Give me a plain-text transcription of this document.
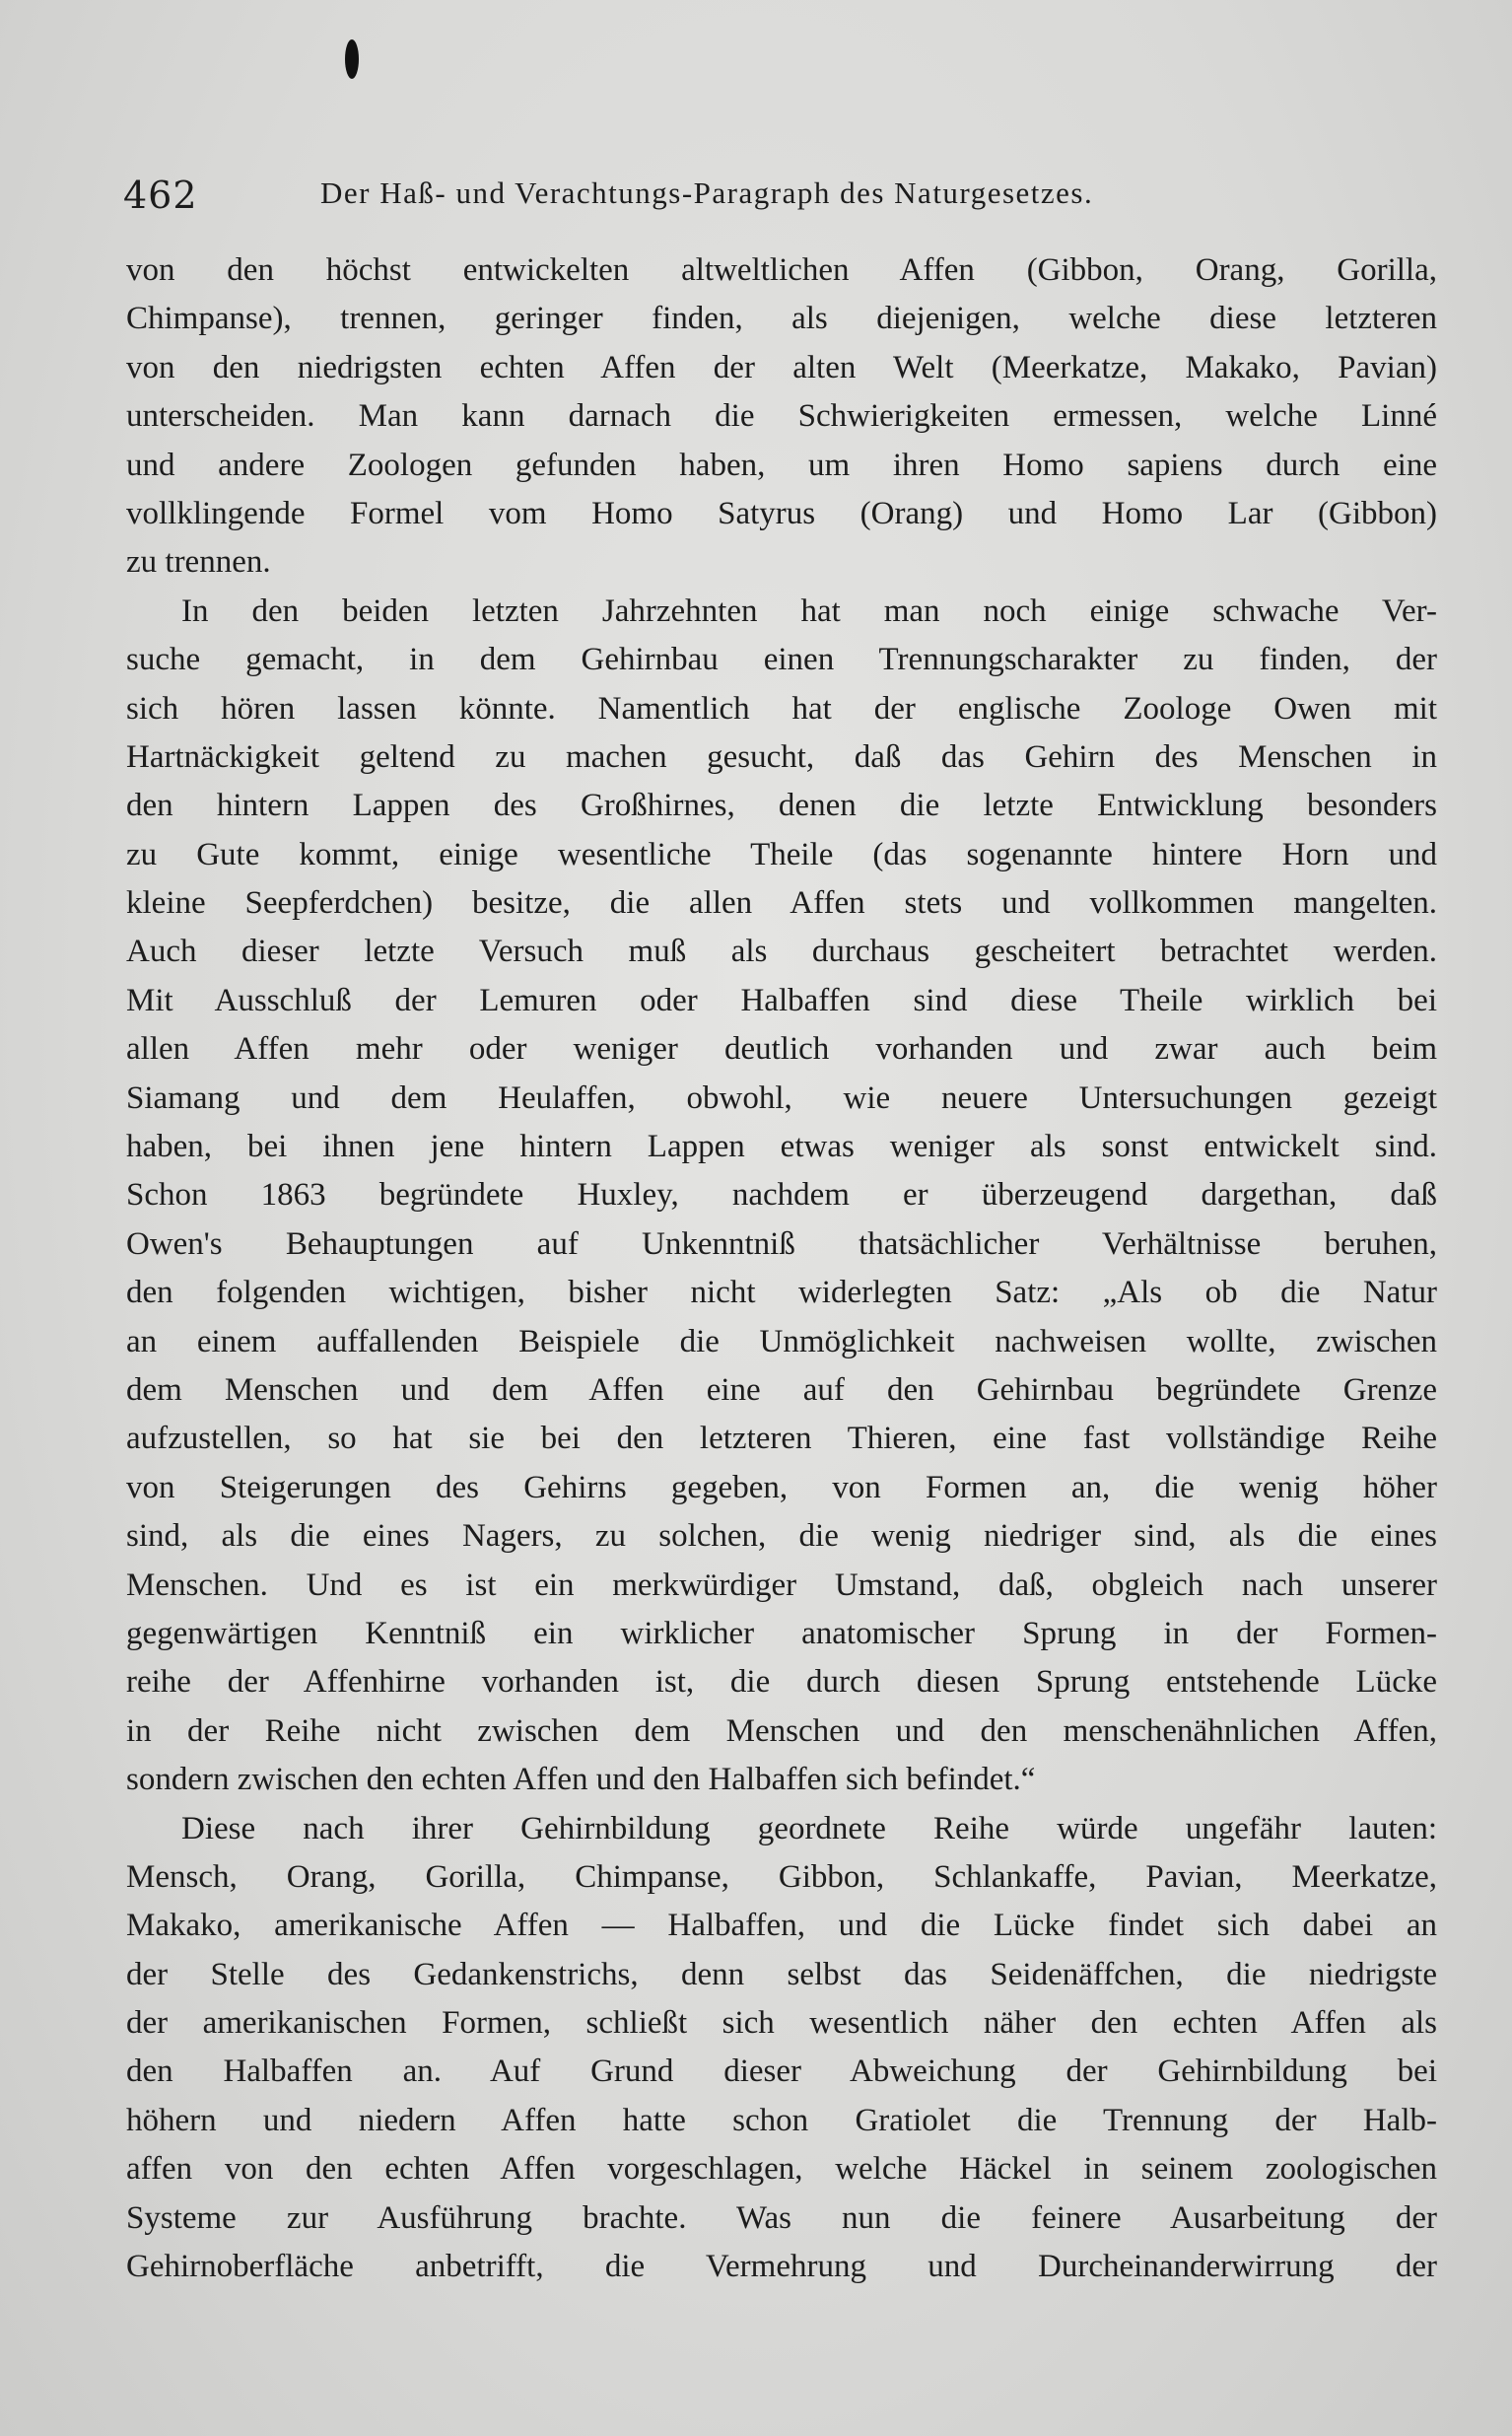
462	Der Haß- und Verachtungs-Paragraph des Naturgesetzes.
von den höchst entwickelten altweltlichen Affen (Gibbon, Orang, Gorilla,
Chimpanse), trennen, geringer finden, als diejenigen, welche diese letzteren
von den niedrigsten echten Affen der alten Welt (Meerkatze, Makako, Pavian)
unterscheiden. Man kann darnach die Schwierigkeiten ermessen, welche Linné
und andere Zoologen gefunden haben, um ihren Homo sapiens durch eine
vollklingende Formel vom Homo Satyrus (Orang) und Homo Lar (Gibbon)
zu trennen.
In den beiden letzten Jahrzehnten hat man noch einige schwache Ver-
suche gemacht, in dem Gehirnbau einen Trennungscharakter zu finden, der
sich hören lassen könnte. Namentlich hat der englische Zoologe Owen mit
Hartnäckigkeit geltend zu machen gesucht, daß das Gehirn des Menschen in
den hintern Lappen des Großhirnes, denen die letzte Entwicklung besonders
zu Gute kommt, einige wesentliche Theile (das sogenannte hintere Horn und
kleine Seepferdchen) besitze, die allen Affen stets und vollkommen mangelten.
Auch dieser letzte Versuch muß als durchaus gescheitert betrachtet werden.
Mit Ausschluß der Lemuren oder Halbaffen sind diese Theile wirklich bei
allen Affen mehr oder weniger deutlich vorhanden und zwar auch beim
Siamang und dem Heulaffen, obwohl, wie neuere Untersuchungen gezeigt
haben, bei ihnen jene hintern Lappen etwas weniger als sonst entwickelt sind.
Schon 1863 begründete Huxley, nachdem er überzeugend dargethan, daß
Owen's Behauptungen auf Unkenntniß thatsächlicher Verhältnisse beruhen,
den folgenden wichtigen, bisher nicht widerlegten Satz: „Als ob die Natur
an einem auffallenden Beispiele die Unmöglichkeit nachweisen wollte, zwischen
dem Menschen und dem Affen eine auf den Gehirnbau begründete Grenze
aufzustellen, so hat sie bei den letzteren Thieren, eine fast vollständige Reihe
von Steigerungen des Gehirns gegeben, von Formen an, die wenig höher
sind, als die eines Nagers, zu solchen, die wenig niedriger sind, als die eines
Menschen. Und es ist ein merkwürdiger Umstand, daß, obgleich nach unserer
gegenwärtigen Kenntniß ein wirklicher anatomischer Sprung in der Formen-
reihe der Affenhirne vorhanden ist, die durch diesen Sprung entstehende Lücke
in der Reihe nicht zwischen dem Menschen und den menschenähnlichen Affen,
sondern zwischen den echten Affen und den Halbaffen sich befindet.“
Diese nach ihrer Gehirnbildung geordnete Reihe würde ungefähr lauten:
Mensch, Orang, Gorilla, Chimpanse, Gibbon, Schlankaffe, Pavian, Meerkatze,
Makako, amerikanische Affen — Halbaffen, und die Lücke findet sich dabei an
der Stelle des Gedankenstrichs, denn selbst das Seidenäffchen, die niedrigste
der amerikanischen Formen, schließt sich wesentlich näher den echten Affen als
den Halbaffen an. Auf Grund dieser Abweichung der Gehirnbildung bei
höhern und niedern Affen hatte schon Gratiolet die Trennung der Halb-
affen von den echten Affen vorgeschlagen, welche Häckel in seinem zoologischen
Systeme zur Ausführung brachte. Was nun die feinere Ausarbeitung der
Gehirnoberfläche anbetrifft, die Vermehrung und Durcheinanderwirrung der
